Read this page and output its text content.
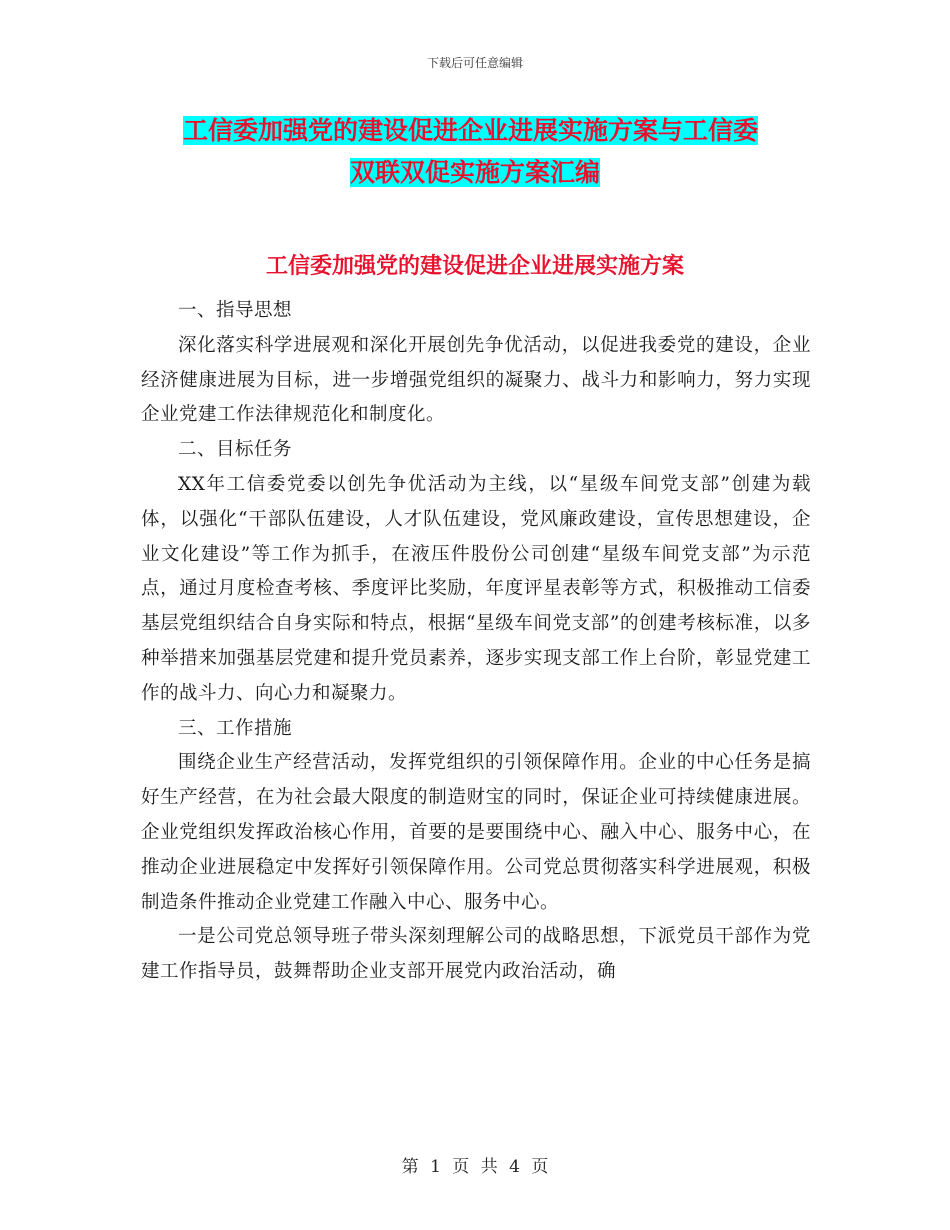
下载后可任意编辑
工信委加强党的建设促进企业进展实施方案与工信委
双联双促实施方案汇编
工信委加强党的建设促进企业进展实施方案

一、指导思想

深化落实科学进展观和深化开展创先争优活动，以促进我委党的建设，企业经济健康进展为目标，进一步增强党组织的凝聚力、战斗力和影响力，努力实现企业党建工作法律规范化和制度化。

二、目标任务

XX年工信委党委以创先争优活动为主线，以“星级车间党支部”创建为载体，以强化“干部队伍建设，人才队伍建设，党风廉政建设，宣传思想建设，企业文化建设”等工作为抓手，在液压件股份公司创建“星级车间党支部”为示范点，通过月度检查考核、季度评比奖励，年度评星表彰等方式，积极推动工信委基层党组织结合自身实际和特点，根据“星级车间党支部”的创建考核标准，以多种举措来加强基层党建和提升党员素养，逐步实现支部工作上台阶，彰显党建工作的战斗力、向心力和凝聚力。

三、工作措施

围绕企业生产经营活动，发挥党组织的引领保障作用。企业的中心任务是搞好生产经营，在为社会最大限度的制造财宝的同时，保证企业可持续健康进展。企业党组织发挥政治核心作用，首要的是要围绕中心、融入中心、服务中心，在推动企业进展稳定中发挥好引领保障作用。公司党总贯彻落实科学进展观，积极制造条件推动企业党建工作融入中心、服务中心。

一是公司党总领导班子带头深刻理解公司的战略思想，下派党员干部作为党建工作指导员，鼓舞帮助企业支部开展党内政治活动，确

第 1 页 共 4 页
